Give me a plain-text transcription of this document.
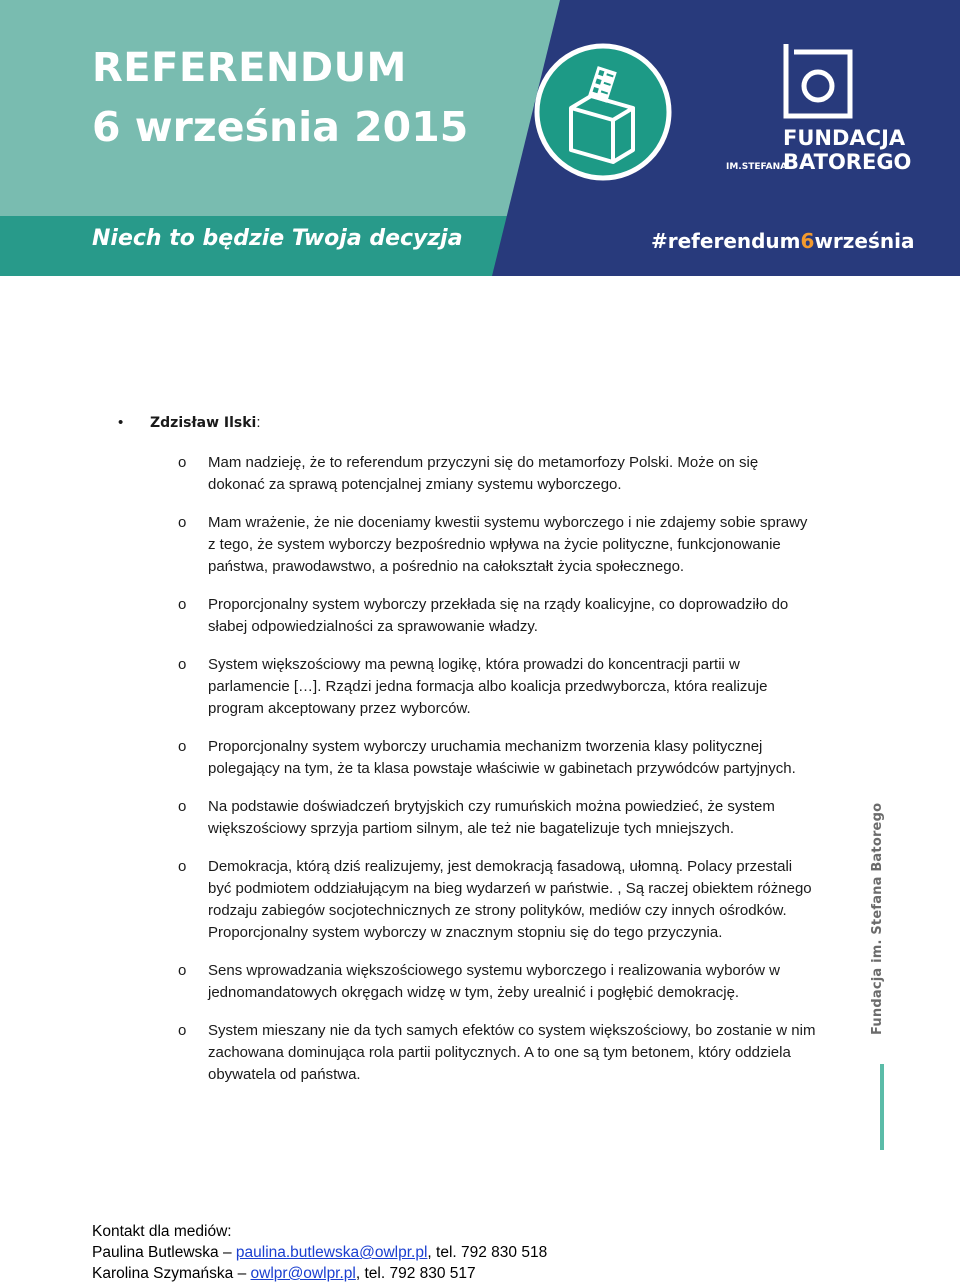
REFERENDUM
6 września 2015
IM.STEFANA
FUNDACJA
BATOREGO
Niech to będzie Twoja decyzja	#referendum6września
• Zdzisław Ilski:
o Mam nadzieję, że to referendum przyczyni się do metamorfozy Polski. Może on się dokonać za sprawą potencjalnej zmiany systemu wyborczego.
o Mam wrażenie, że nie doceniamy kwestii systemu wyborczego i nie zdajemy sobie sprawy z tego, że system wyborczy bezpośrednio wpływa na życie polityczne, funkcjonowanie państwa, prawodawstwo, a pośrednio na całokształt życia społecznego.
o Proporcjonalny system wyborczy przekłada się na rządy koalicyjne, co doprowadziło do słabej odpowiedzialności za sprawowanie władzy.
o System większościowy ma pewną logikę, która prowadzi do koncentracji partii w parlamencie […]. Rządzi jedna formacja albo koalicja przedwyborcza, która realizuje program akceptowany przez wyborców.
o Proporcjonalny system wyborczy uruchamia mechanizm tworzenia klasy politycznej polegający na tym, że ta klasa powstaje właściwie w gabinetach przywódców partyjnych.
o Na podstawie doświadczeń brytyjskich czy rumuńskich można powiedzieć, że system większościowy sprzyja partiom silnym, ale też nie bagatelizuje tych mniejszych.
o Demokracja, którą dziś realizujemy, jest demokracją fasadową, ułomną. Polacy przestali być podmiotem oddziałującym na bieg wydarzeń w państwie. , Są raczej obiektem różnego rodzaju zabiegów socjotechnicznych ze strony polityków, mediów czy innych ośrodków. Proporcjonalny system wyborczy w znacznym stopniu się do tego przyczynia.
o Sens wprowadzania większościowego systemu wyborczego i realizowania wyborów w jednomandatowych okręgach widzę w tym, żeby urealnić i pogłębić demokrację.
o System mieszany nie da tych samych efektów co system większościowy, bo zostanie w nim zachowana dominująca rola partii politycznych. A to one są tym betonem, który oddziela obywatela od państwa.
Fundacja im. Stefana Batorego
Kontakt dla mediów:
Paulina Butlewska – paulina.butlewska@owlpr.pl, tel. 792 830 518
Karolina Szymańska – owlpr@owlpr.pl, tel. 792 830 517
